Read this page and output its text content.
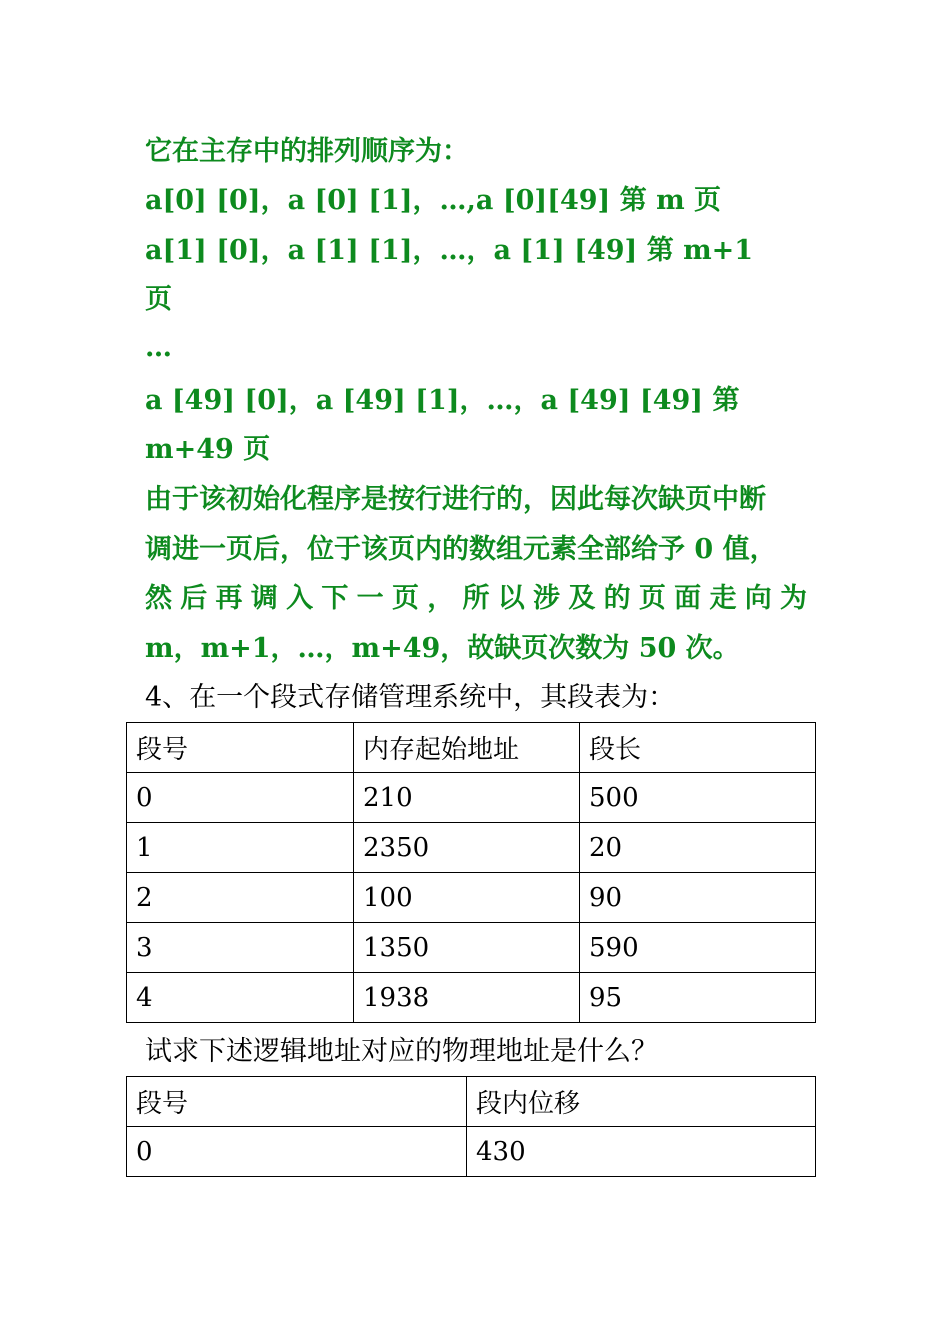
它在主存中的排列顺序为：
a[0] [0]，a [0] [1]，…,a [0][49] 第 m 页
a[1] [0]，a [1] [1]，…，a [1] [49] 第 m+1
页
…
a [49] [0]，a [49] [1]，…，a [49] [49] 第
m+49 页
由于该初始化程序是按行进行的，因此每次缺页中断
调进一页后，位于该页内的数组元素全部给予 0 值，
然后再调入下一页，所以涉及的页面走向为
m，m+1，…，m+49，故缺页次数为 50 次。
4、在一个段式存储管理系统中，其段表为：
段号	内存起始地址	段长
0	210	500
1	2350	20
2	100	90
3	1350	590
4	1938	95
试求下述逻辑地址对应的物理地址是什么？
段号	段内位移
0	430
